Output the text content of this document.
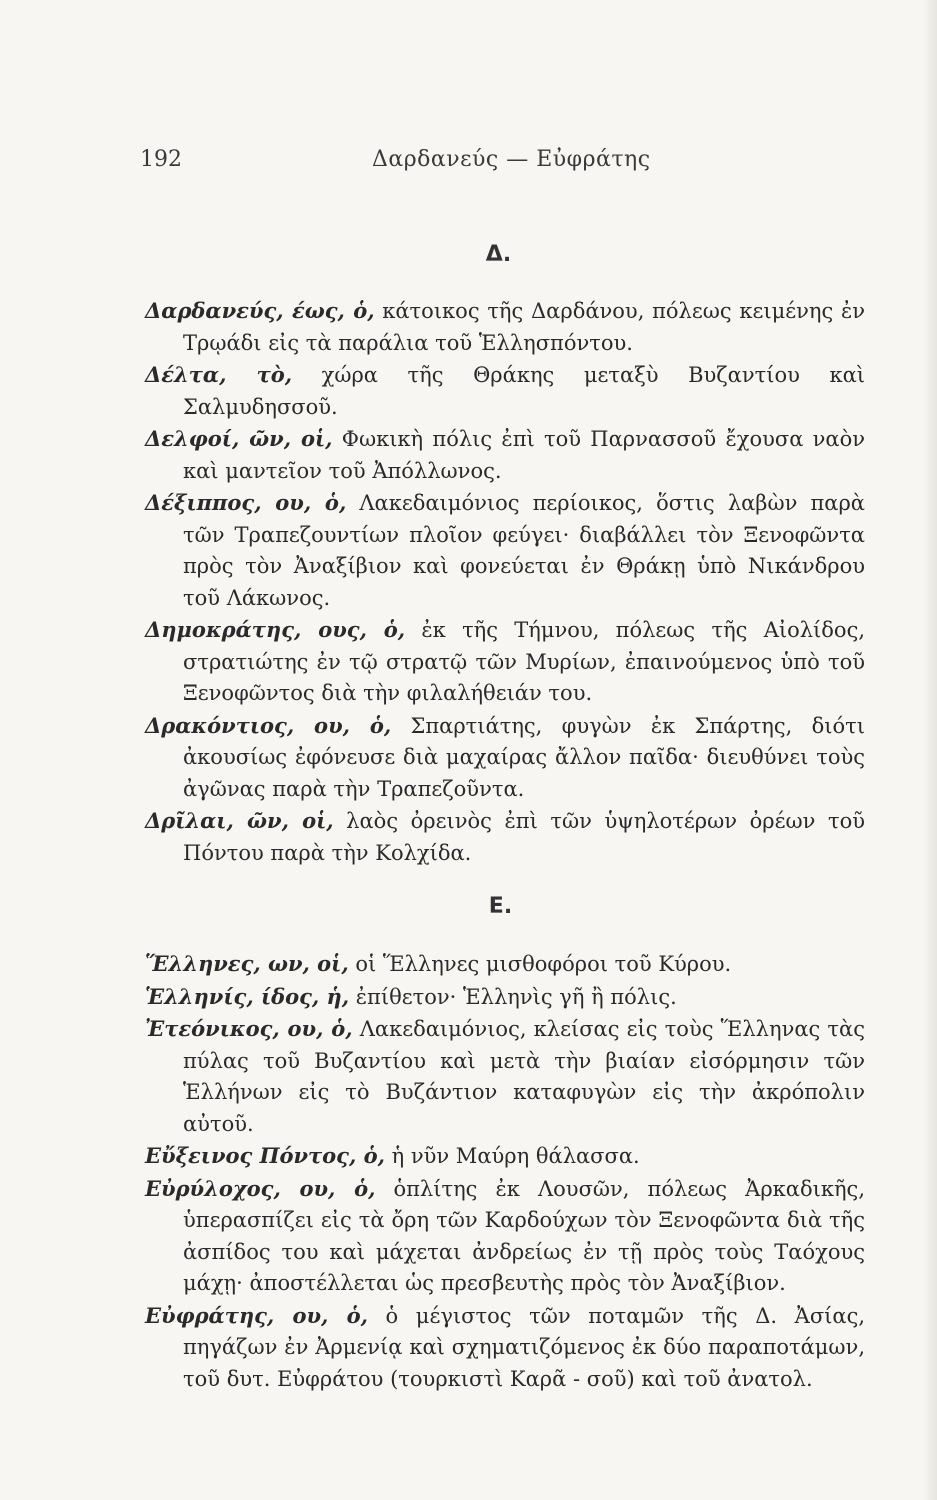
192	Δαρδανεύς — Εὐφράτης
Δ.

Δαρδανεύς, έως, ὁ, κάτοικος τῆς Δαρδάνου, πόλεως κειμένης ἐν Τρῳάδι εἰς τὰ παράλια τοῦ Ἑλλησπόντου.

Δέλτα, τὸ, χώρα τῆς Θράκης μεταξὺ Βυζαντίου καὶ Σαλμυδησσοῦ.

Δελφοί, ῶν, οἱ, Φωκικὴ πόλις ἐπὶ τοῦ Παρνασσοῦ ἔχουσα ναὸν καὶ μαντεῖον τοῦ Ἀπόλλωνος.

Δέξιππος, ου, ὁ, Λακεδαιμόνιος περίοικος, ὅστις λαβὼν παρὰ τῶν Τραπεζουντίων πλοῖον φεύγει· διαβάλλει τὸν Ξενοφῶντα πρὸς τὸν Ἀναξίβιον καὶ φονεύεται ἐν Θράκῃ ὑπὸ Νικάνδρου τοῦ Λάκωνος.

Δημοκράτης, ους, ὁ, ἐκ τῆς Τήμνου, πόλεως τῆς Αἰολίδος, στρατιώτης ἐν τῷ στρατῷ τῶν Μυρίων, ἐπαινούμενος ὑπὸ τοῦ Ξενοφῶντος διὰ τὴν φιλαλήθειάν του.

Δρακόντιος, ου, ὁ, Σπαρτιάτης, φυγὼν ἐκ Σπάρτης, διότι ἀκουσίως ἐφόνευσε διὰ μαχαίρας ἄλλον παῖδα· διευθύνει τοὺς ἀγῶνας παρὰ τὴν Τραπεζοῦντα.

Δρῖλαι, ῶν, οἱ, λαὸς ὀρεινὸς ἐπὶ τῶν ὑψηλοτέρων ὀρέων τοῦ Πόντου παρὰ τὴν Κολχίδα.

Ε.

Ἕλληνες, ων, οἱ, οἱ Ἕλληνες μισθοφόροι τοῦ Κύρου.

Ἑλληνίς, ίδος, ἡ, ἐπίθετον· Ἑλληνὶς γῆ ἢ πόλις.

Ἐτεόνικος, ου, ὁ, Λακεδαιμόνιος, κλείσας εἰς τοὺς Ἕλληνας τὰς πύλας τοῦ Βυζαντίου καὶ μετὰ τὴν βιαίαν εἰσόρμησιν τῶν Ἑλλήνων εἰς τὸ Βυζάντιον καταφυγὼν εἰς τὴν ἀκρόπολιν αὐτοῦ.

Εὔξεινος Πόντος, ὁ, ἡ νῦν Μαύρη θάλασσα.

Εὐρύλοχος, ου, ὁ, ὁπλίτης ἐκ Λουσῶν, πόλεως Ἀρκαδικῆς, ὑπερασπίζει εἰς τὰ ὄρη τῶν Καρδούχων τὸν Ξενοφῶντα διὰ τῆς ἀσπίδος του καὶ μάχεται ἀνδρείως ἐν τῇ πρὸς τοὺς Ταόχους μάχῃ· ἀποστέλλεται ὡς πρεσβευτὴς πρὸς τὸν Ἀναξίβιον.

Εὐφράτης, ου, ὁ, ὁ μέγιστος τῶν ποταμῶν τῆς Δ. Ἀσίας, πηγάζων ἐν Ἀρμενίᾳ καὶ σχηματιζόμενος ἐκ δύο παραποτάμων, τοῦ δυτ. Εὐφράτου (τουρκιστὶ Καρᾶ - σοῦ) καὶ τοῦ ἀνατολ.
